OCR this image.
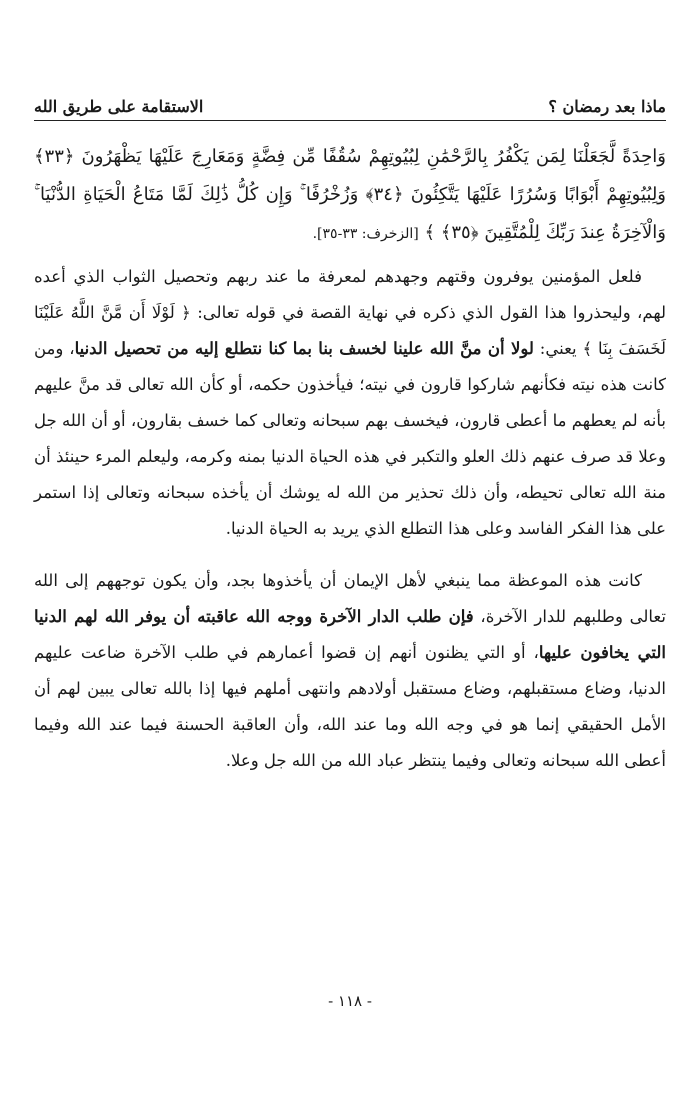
ماذا بعد رمضان ؟
الاستقامة على طريق الله

وَاحِدَةً لَّجَعَلْنَا لِمَن يَكْفُرُ بِالرَّحْمَٰنِ لِبُيُوتِهِمْ سُقُفًا مِّن فِضَّةٍ وَمَعَارِجَ عَلَيْهَا يَظْهَرُونَ ﴿٣٣﴾ وَلِبُيُوتِهِمْ أَبْوَابًا وَسُرُرًا عَلَيْهَا يَتَّكِئُونَ ﴿٣٤﴾ وَزُخْرُفًا ۚ وَإِن كُلُّ ذَٰلِكَ لَمَّا مَتَاعُ الْحَيَاةِ الدُّنْيَا ۚ وَالْآخِرَةُ عِندَ رَبِّكَ لِلْمُتَّقِينَ ﴿٣٥﴾ ﴾ [الزخرف: ٣٣-٣٥].

فلعل المؤمنين يوفرون وقتهم وجهدهم لمعرفة ما عند ربهم وتحصيل الثواب الذي أعده لهم، وليحذروا هذا القول الذي ذكره في نهاية القصة في قوله تعالى: ﴿ لَوْلَا أَن مَّنَّ اللَّهُ عَلَيْنَا لَخَسَفَ بِنَا ﴾ يعني: لولا أن منَّ الله علينا لخسف بنا بما كنا نتطلع إليه من تحصيل الدنيا، ومن كانت هذه نيته فكأنهم شاركوا قارون في نيته؛ فيأخذون حكمه، أو كأن الله تعالى قد منَّ عليهم بأنه لم يعطهم ما أعطى قارون، فيخسف بهم سبحانه وتعالى كما خسف بقارون، أو أن الله جل وعلا قد صرف عنهم ذلك العلو والتكبر في هذه الحياة الدنيا بمنه وكرمه، وليعلم المرء حينئذ أن منة الله تعالى تحيطه، وأن ذلك تحذير من الله له يوشك أن يأخذه سبحانه وتعالى إذا استمر على هذا الفكر الفاسد وعلى هذا التطلع الذي يريد به الحياة الدنيا.

كانت هذه الموعظة مما ينبغي لأهل الإيمان أن يأخذوها بجد، وأن يكون توجههم إلى الله تعالى وطلبهم للدار الآخرة، فإن طلب الدار الآخرة ووجه الله عاقبته أن يوفر الله لهم الدنيا التي يخافون عليها، أو التي يظنون أنهم إن قضوا أعمارهم في طلب الآخرة ضاعت عليهم الدنيا، وضاع مستقبلهم، وضاع مستقبل أولادهم وانتهى أملهم فيها إذا بالله تعالى يبين لهم أن الأمل الحقيقي إنما هو في وجه الله وما عند الله، وأن العاقبة الحسنة فيما عند الله وفيما أعطى الله سبحانه وتعالى وفيما ينتظر عباد الله من الله جل وعلا.

- ١١٨ -
